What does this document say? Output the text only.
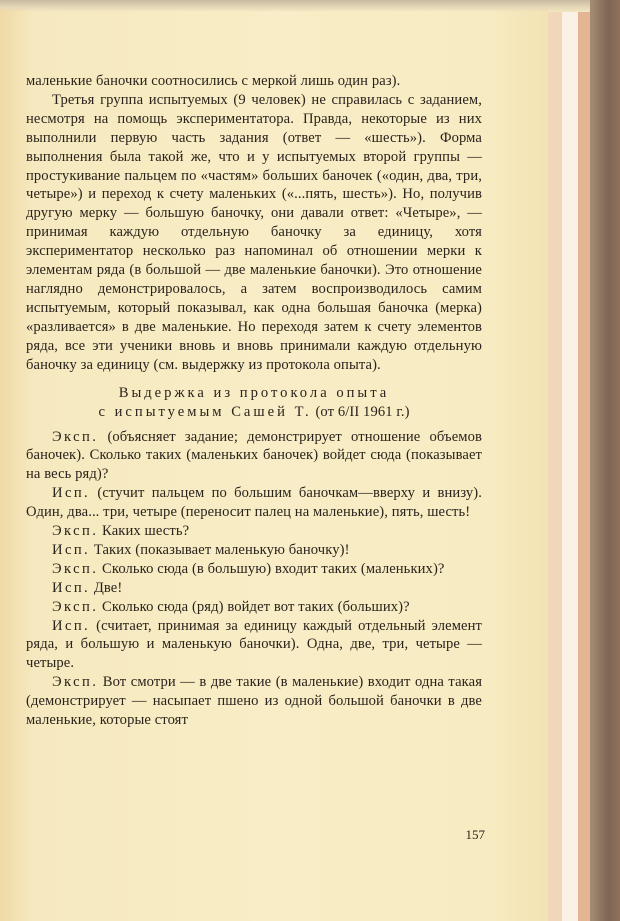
маленькие баночки соотносились с меркой лишь один раз).

Третья группа испытуемых (9 человек) не справилась с заданием, несмотря на помощь экспериментатора. Правда, некоторые из них выполнили первую часть задания (ответ — «шесть»). Форма выполнения была такой же, что и у испытуемых второй группы — простукивание пальцем по «частям» больших баночек («один, два, три, четыре») и переход к счету маленьких («...пять, шесть»). Но, получив другую мерку — большую баночку, они давали ответ: «Четыре», — принимая каждую отдельную баночку за единицу, хотя экспериментатор несколько раз напоминал об отношении мерки к элементам ряда (в большой — две маленькие баночки). Это отношение наглядно демонстрировалось, а затем воспроизводилось самим испытуемым, который показывал, как одна большая баночка (мерка) «разливается» в две маленькие. Но переходя затем к счету элементов ряда, все эти ученики вновь и вновь принимали каждую отдельную баночку за единицу (см. выдержку из протокола опыта).

Выдержка из протокола опыта
с испытуемым Сашей Т. (от 6/II 1961 г.)

Эксп. (объясняет задание; демонстрирует отношение объемов баночек). Сколько таких (маленьких баночек) войдет сюда (показывает на весь ряд)?

Исп. (стучит пальцем по большим баночкам—вверху и внизу). Один, два... три, четыре (переносит палец на маленькие), пять, шесть!

Эксп. Каких шесть?

Исп. Таких (показывает маленькую баночку)!

Эксп. Сколько сюда (в большую) входит таких (маленьких)?

Исп. Две!

Эксп. Сколько сюда (ряд) войдет вот таких (больших)?

Исп. (считает, принимая за единицу каждый отдельный элемент ряда, и большую и маленькую баночки). Одна, две, три, четыре — четыре.

Эксп. Вот смотри — в две такие (в маленькие) входит одна такая (демонстрирует — насыпает пшено из одной большой баночки в две маленькие, которые стоят

157
